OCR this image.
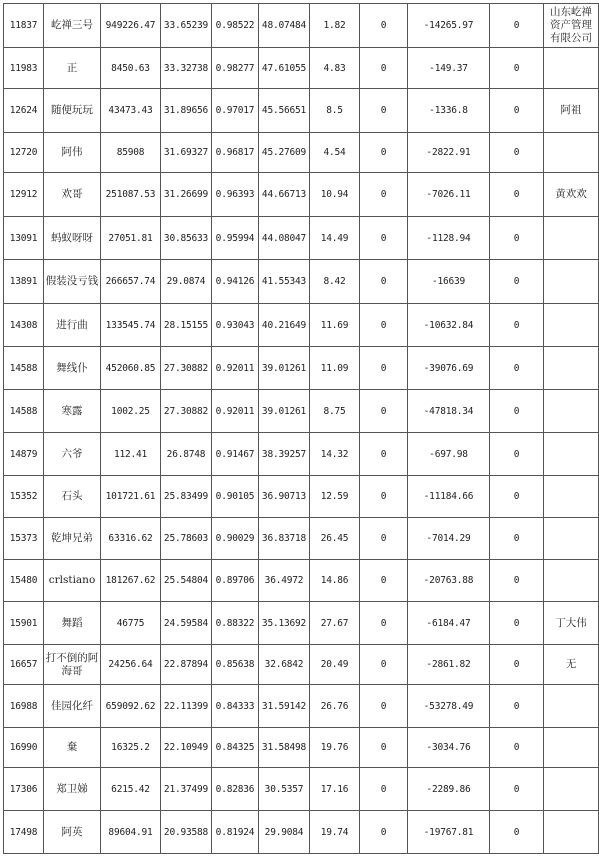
11837	屹禅三号	949226.47	33.65239	0.98522	48.07484	1.82	0	-14265.97	0	山东屹禅资产管理有限公司
11983	正	8450.63	33.32738	0.98277	47.61055	4.83	0	-149.37	0	
12624	随便玩玩	43473.43	31.89656	0.97017	45.56651	8.5	0	-1336.8	0	阿祖
12720	阿伟	85908	31.69327	0.96817	45.27609	4.54	0	-2822.91	0	
12912	欢哥	251087.53	31.26699	0.96393	44.66713	10.94	0	-7026.11	0	黄欢欢
13091	蚂蚁呀呀	27051.81	30.85633	0.95994	44.08047	14.49	0	-1128.94	0	
13891	假装没亏钱	266657.74	29.0874	0.94126	41.55343	8.42	0	-16639	0	
14308	进行曲	133545.74	28.15155	0.93043	40.21649	11.69	0	-10632.84	0	
14588	舞线仆	452060.85	27.30882	0.92011	39.01261	11.09	0	-39076.69	0	
14588	寒露	1002.25	27.30882	0.92011	39.01261	8.75	0	-47818.34	0	
14879	六爷	112.41	26.8748	0.91467	38.39257	14.32	0	-697.98	0	
15352	石头	101721.61	25.83499	0.90105	36.90713	12.59	0	-11184.66	0	
15373	乾坤兄弟	63316.62	25.78603	0.90029	36.83718	26.45	0	-7014.29	0	
15480	crlstiano	181267.62	25.54804	0.89706	36.4972	14.86	0	-20763.88	0	
15901	舞蹈	46775	24.59584	0.88322	35.13692	27.67	0	-6184.47	0	丁大伟
16657	打不倒的阿海哥	24256.64	22.87894	0.85638	32.6842	20.49	0	-2861.82	0	无
16988	佳园化纤	659092.62	22.11399	0.84333	31.59142	26.76	0	-53278.49	0	
16990	棄	16325.2	22.10949	0.84325	31.58498	19.76	0	-3034.76	0	
17306	郑卫娣	6215.42	21.37499	0.82836	30.5357	17.16	0	-2289.86	0	
17498	阿英	89604.91	20.93588	0.81924	29.9084	19.74	0	-19767.81	0	
